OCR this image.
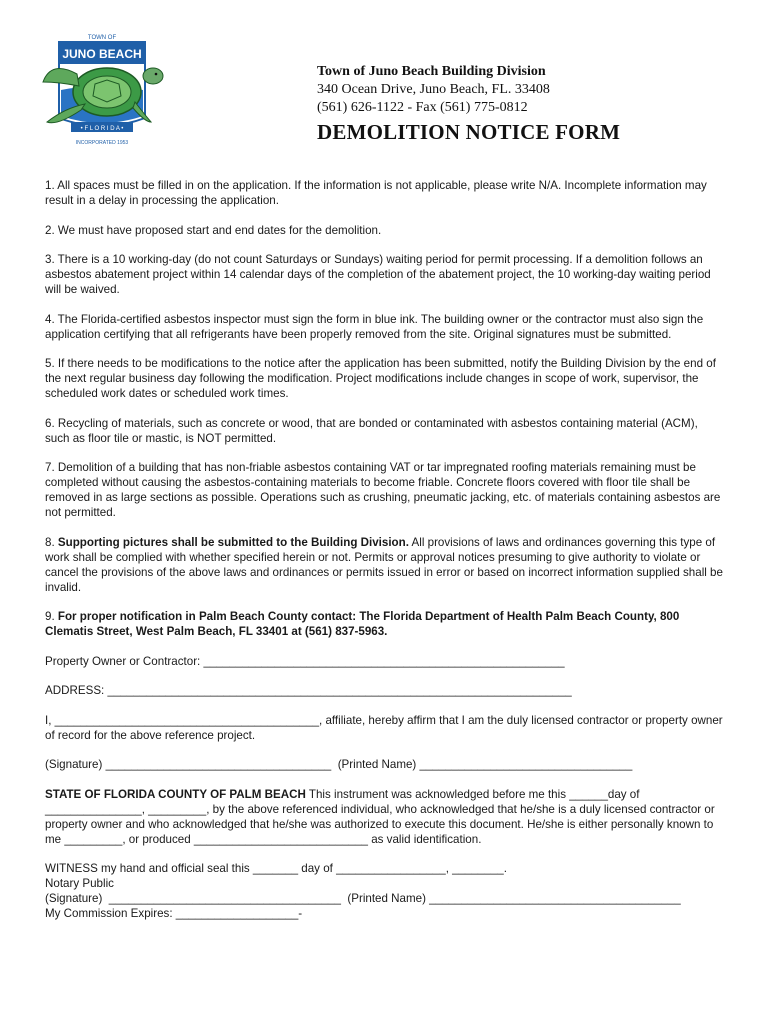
TOWN OF
JUNO BEACH
• F L O R I D A •
INCORPORATED 1953
Town of Juno Beach Building Division
340 Ocean Drive, Juno Beach, FL. 33408
(561) 626-1122 - Fax (561) 775-0812
DEMOLITION NOTICE FORM

1. All spaces must be filled in on the application. If the information is not applicable, please write N/A. Incomplete information may result in a delay in processing the application.

2. We must have proposed start and end dates for the demolition.

3. There is a 10 working-day (do not count Saturdays or Sundays) waiting period for permit processing. If a demolition follows an asbestos abatement project within 14 calendar days of the completion of the abatement project, the 10 working-day waiting period will be waived.

4. The Florida-certified asbestos inspector must sign the form in blue ink. The building owner or the contractor must also sign the application certifying that all refrigerants have been properly removed from the site. Original signatures must be submitted.

5. If there needs to be modifications to the notice after the application has been submitted, notify the Building Division by the end of the next regular business day following the modification. Project modifications include changes in scope of work, supervisor, the scheduled work dates or scheduled work times.

6. Recycling of materials, such as concrete or wood, that are bonded or contaminated with asbestos containing material (ACM), such as floor tile or mastic, is NOT permitted.

7. Demolition of a building that has non-friable asbestos containing VAT or tar impregnated roofing materials remaining must be completed without causing the asbestos-containing materials to become friable. Concrete floors covered with floor tile shall be removed in as large sections as possible. Operations such as crushing, pneumatic jacking, etc. of materials containing asbestos are not permitted.

8. Supporting pictures shall be submitted to the Building Division. All provisions of laws and ordinances governing this type of work shall be complied with whether specified herein or not. Permits or approval notices presuming to give authority to violate or cancel the provisions of the above laws and ordinances or permits issued in error or based on incorrect information supplied shall be invalid.

9. For proper notification in Palm Beach County contact: The Florida Department of Health Palm Beach County, 800 Clematis Street, West Palm Beach, FL 33401 at (561) 837-5963.

Property Owner or Contractor: ________________________________________________________
ADDRESS: ________________________________________________________________________
I, _________________________________________, affiliate, hereby affirm that I am the duly licensed contractor or property owner of record for the above reference project.
(Signature) ___________________________________  (Printed Name) _________________________________

STATE OF FLORIDA COUNTY OF PALM BEACH This instrument was acknowledged before me this ______day of _______________, _________, by the above referenced individual, who acknowledged that he/she is a duly licensed contractor or property owner and who acknowledged that he/she was authorized to execute this document. He/she is either personally known to me _________, or produced ___________________________ as valid identification.

WITNESS my hand and official seal this _______ day of _________________, ________.
Notary Public
(Signature)  ____________________________________  (Printed Name) _______________________________________
My Commission Expires: ___________________-
